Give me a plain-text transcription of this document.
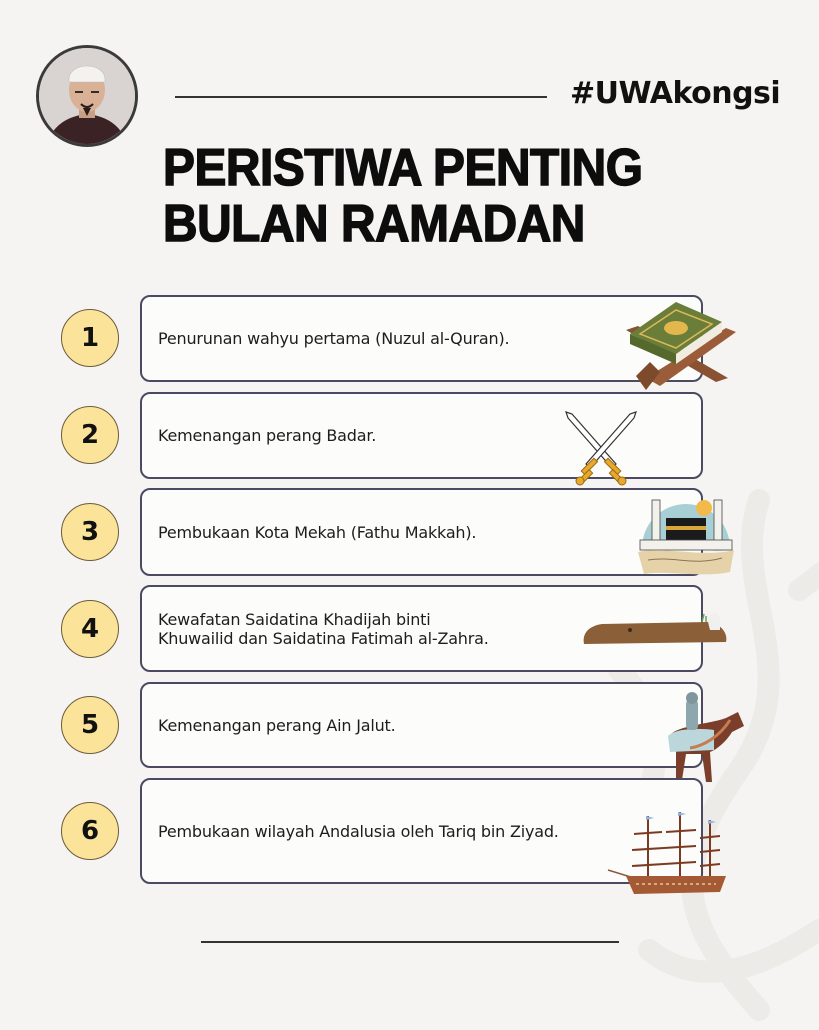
#UWAkongsi
PERISTIWA PENTING
BULAN RAMADAN
1	Penurunan wahyu pertama (Nuzul al-Quran).
2	Kemenangan perang Badar.
3	Pembukaan Kota Mekah (Fathu Makkah).
4	Kewafatan Saidatina Khadijah binti
Khuwailid dan Saidatina Fatimah al-Zahra.
5	Kemenangan perang Ain Jalut.
6	Pembukaan wilayah Andalusia oleh Tariq bin Ziyad.
